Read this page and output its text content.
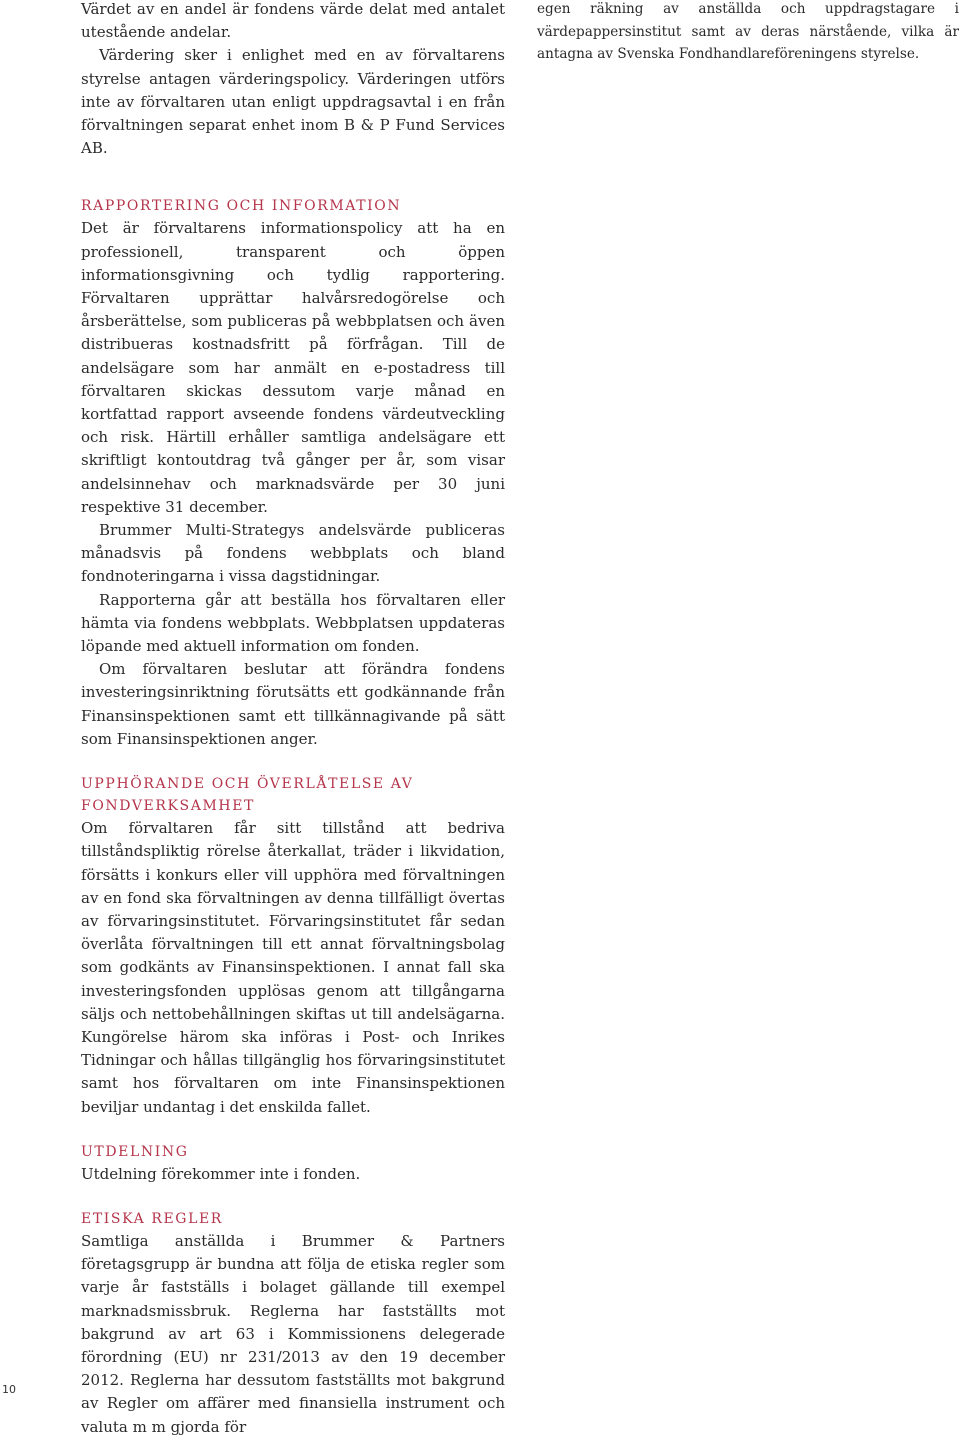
Värdet av en andel är fondens värde delat med antalet utestående andelar.

Värdering sker i enlighet med en av förvaltarens styrelse antagen värderingspolicy. Värderingen utförs inte av förvaltaren utan enligt uppdragsavtal i en från förvaltningen separat enhet inom B & P Fund Services AB.

RAPPORTERING OCH INFORMATION

Det är förvaltarens informationspolicy att ha en professionell, transparent och öppen informationsgivning och tydlig rapportering. Förvaltaren upprättar halvårsredogörelse och årsberättelse, som publiceras på webbplatsen och även distribueras kostnadsfritt på förfrågan. Till de andelsägare som har anmält en e-postadress till förvaltaren skickas dessutom varje månad en kortfattad rapport avseende fondens värdeutveckling och risk. Härtill erhåller samtliga andelsägare ett skriftligt kontoutdrag två gånger per år, som visar andelsinnehav och marknadsvärde per 30 juni respektive 31 december.

Brummer Multi-Strategys andelsvärde publiceras månadsvis på fondens webbplats och bland fondnoteringarna i vissa dagstidningar.

Rapporterna går att beställa hos förvaltaren eller hämta via fondens webbplats. Webbplatsen uppdateras löpande med aktuell information om fonden.

Om förvaltaren beslutar att förändra fondens investeringsinriktning förutsätts ett godkännande från Finansinspektionen samt ett tillkännagivande på sätt som Finansinspektionen anger.

UPPHÖRANDE OCH ÖVERLÅTELSE AV FONDVERKSAMHET

Om förvaltaren får sitt tillstånd att bedriva tillståndspliktig rörelse återkallat, träder i likvidation, försätts i konkurs eller vill upphöra med förvaltningen av en fond ska förvaltningen av denna tillfälligt övertas av förvaringsinstitutet. Förvaringsinstitutet får sedan överlåta förvaltningen till ett annat förvaltningsbolag som godkänts av Finansinspektionen. I annat fall ska investeringsfonden upplösas genom att tillgångarna säljs och nettobehållningen skiftas ut till andelsägarna. Kungörelse härom ska införas i Post- och Inrikes Tidningar och hållas tillgänglig hos förvaringsinstitutet samt hos förvaltaren om inte Finansinspektionen beviljar undantag i det enskilda fallet.

UTDELNING

Utdelning förekommer inte i fonden.

ETISKA REGLER

Samtliga anställda i Brummer & Partners företagsgrupp är bundna att följa de etiska regler som varje år fastställs i bolaget gällande till exempel marknadsmissbruk. Reglerna har fastställts mot bakgrund av art 63 i Kommissionens delegerade förordning (EU) nr 231/2013 av den 19 december 2012. Reglerna har dessutom fastställts mot bakgrund av Regler om affärer med finansiella instrument och valuta m m gjorda för

egen räkning av anställda och uppdragstagare i värdepappersinstitut samt av deras närstående, vilka är antagna av Svenska Fondhandlareföreningens styrelse.

10
